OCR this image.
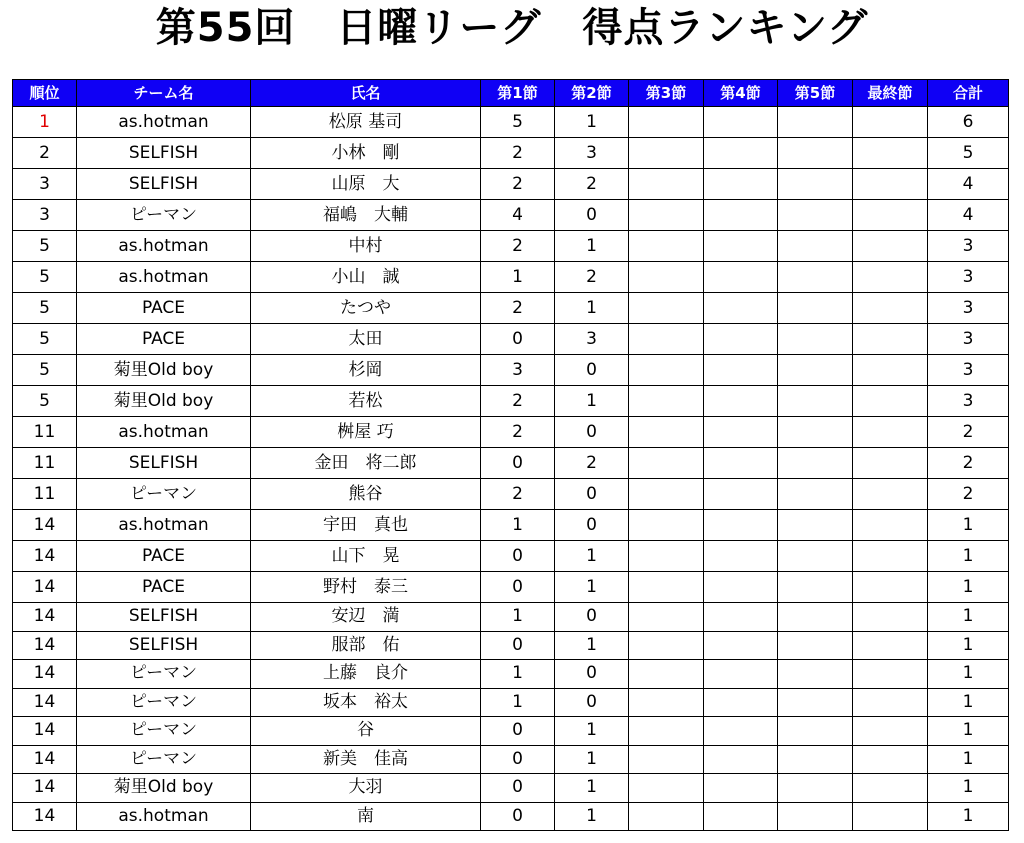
第55回　日曜リーグ　得点ランキング
順位	チーム名	氏名	第1節	第2節	第3節	第4節	第5節	最終節	合計
1	as.hotman	松原 基司	5	1					6
2	SELFISH	小林　剛	2	3					5
3	SELFISH	山原　大	2	2					4
3	ピーマン	福嶋　大輔	4	0					4
5	as.hotman	中村	2	1					3
5	as.hotman	小山　誠	1	2					3
5	PACE	たつや	2	1					3
5	PACE	太田	0	3					3
5	菊里Old boy	杉岡	3	0					3
5	菊里Old boy	若松	2	1					3
11	as.hotman	桝屋 巧	2	0					2
11	SELFISH	金田　将二郎	0	2					2
11	ピーマン	熊谷	2	0					2
14	as.hotman	宇田　真也	1	0					1
14	PACE	山下　晃	0	1					1
14	PACE	野村　泰三	0	1					1
14	SELFISH	安辺　満	1	0					1
14	SELFISH	服部　佑	0	1					1
14	ピーマン	上藤　良介	1	0					1
14	ピーマン	坂本　裕太	1	0					1
14	ピーマン	谷	0	1					1
14	ピーマン	新美　佳高	0	1					1
14	菊里Old boy	大羽	0	1					1
14	as.hotman	南	0	1					1
